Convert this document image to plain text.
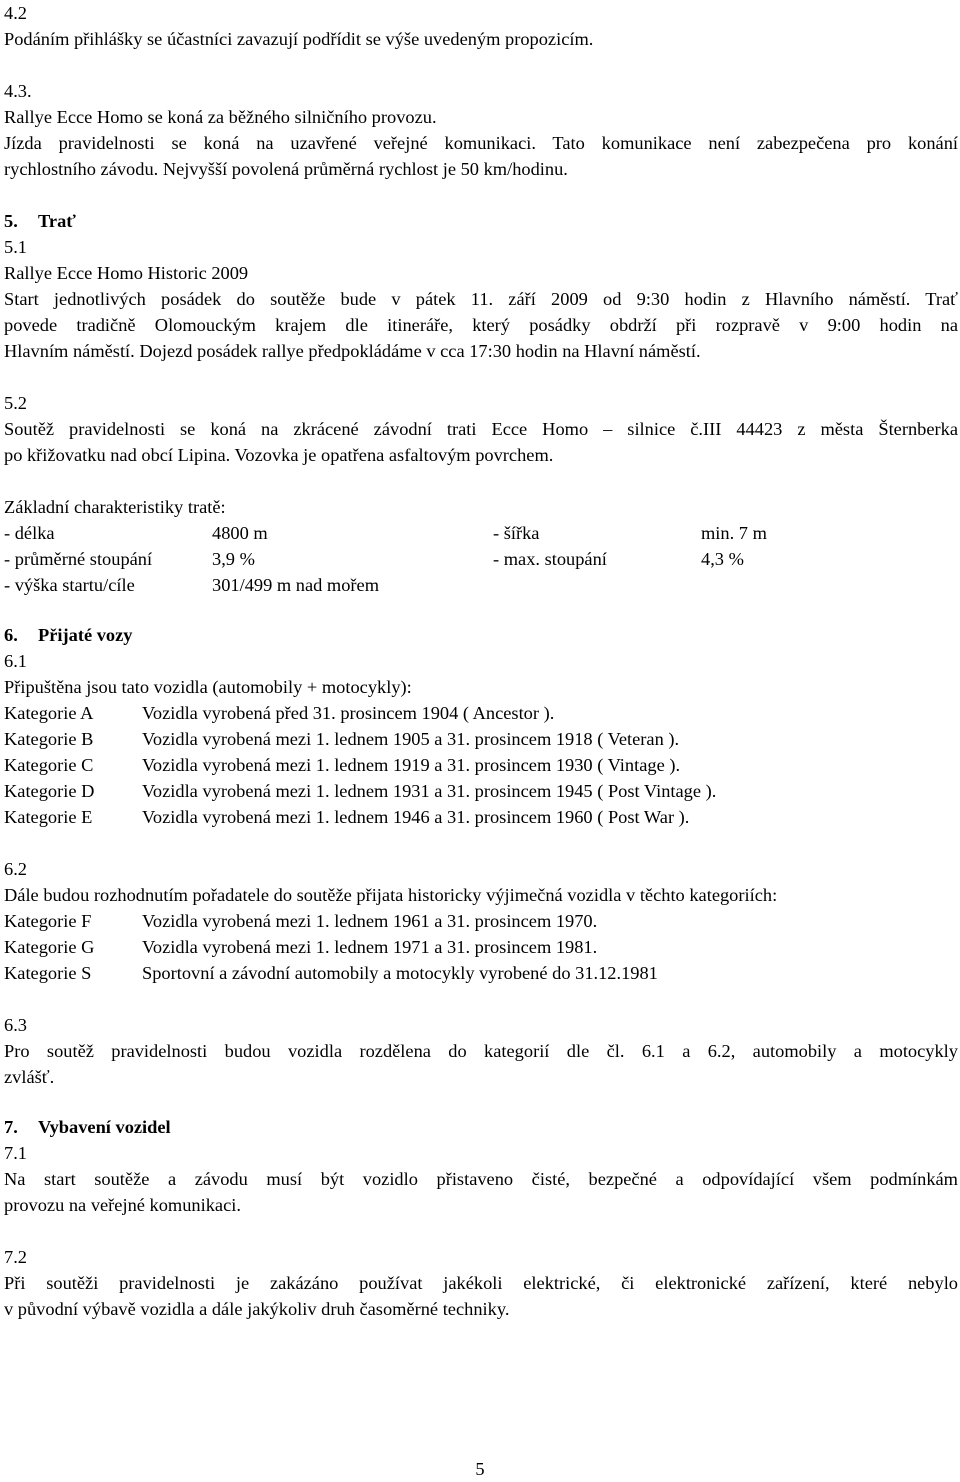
4.2

Podáním přihlášky se účastníci zavazují podřídit se výše uvedeným propozicím.

4.3.

Rallye Ecce Homo se koná za běžného silničního provozu.

Jízda pravidelnosti se koná na uzavřené veřejné komunikaci. Tato komunikace není zabezpečena pro konání

rychlostního závodu. Nejvyšší povolená průměrná rychlost je 50 km/hodinu.

5. Trať

5.1

Rallye Ecce Homo Historic 2009

Start jednotlivých posádek do soutěže bude v pátek 11. září 2009 od 9:30 hodin z Hlavního náměstí. Trať

povede tradičně Olomouckým krajem dle itineráře, který posádky obdrží při rozpravě v 9:00 hodin na

Hlavním náměstí. Dojezd posádek rallye předpokládáme v cca 17:30 hodin na Hlavní náměstí.

5.2

Soutěž pravidelnosti se koná na zkrácené závodní trati Ecce Homo – silnice č.III 44423 z města Šternberka

po křižovatku nad obcí Lipina. Vozovka je opatřena asfaltovým povrchem.

Základní charakteristiky tratě:

- délka	4800 m	- šířka	min. 7 m
- průměrné stoupání	3,9 %	- max. stoupání	4,3 %
- výška startu/cíle	301/499 m nad mořem

6. Přijaté vozy

6.1

Připuštěna jsou tato vozidla (automobily + motocykly):

Kategorie A	Vozidla vyrobená před 31. prosincem 1904 ( Ancestor ).
Kategorie B	Vozidla vyrobená mezi 1. lednem 1905 a 31. prosincem 1918 ( Veteran ).
Kategorie C	Vozidla vyrobená mezi 1. lednem 1919 a 31. prosincem 1930 ( Vintage ).
Kategorie D	Vozidla vyrobená mezi 1. lednem 1931 a 31. prosincem 1945 ( Post Vintage ).
Kategorie E	Vozidla vyrobená mezi 1. lednem 1946 a 31. prosincem 1960 ( Post War ).

6.2

Dále budou rozhodnutím pořadatele do soutěže přijata historicky výjimečná vozidla v těchto kategoriích:

Kategorie F	Vozidla vyrobená mezi 1. lednem 1961 a 31. prosincem 1970.
Kategorie G	Vozidla vyrobená mezi 1. lednem 1971 a 31. prosincem 1981.
Kategorie S	Sportovní a závodní automobily a motocykly vyrobené do 31.12.1981

6.3

Pro soutěž pravidelnosti budou vozidla rozdělena do kategorií dle čl. 6.1 a 6.2, automobily a motocykly

zvlášť.

7. Vybavení vozidel

7.1

Na start soutěže a závodu musí být vozidlo přistaveno čisté, bezpečné a odpovídající všem podmínkám

provozu na veřejné komunikaci.

7.2

Při soutěži pravidelnosti je zakázáno používat jakékoli elektrické, či elektronické zařízení, které nebylo

v původní výbavě vozidla a dále jakýkoliv druh časoměrné techniky.

5
